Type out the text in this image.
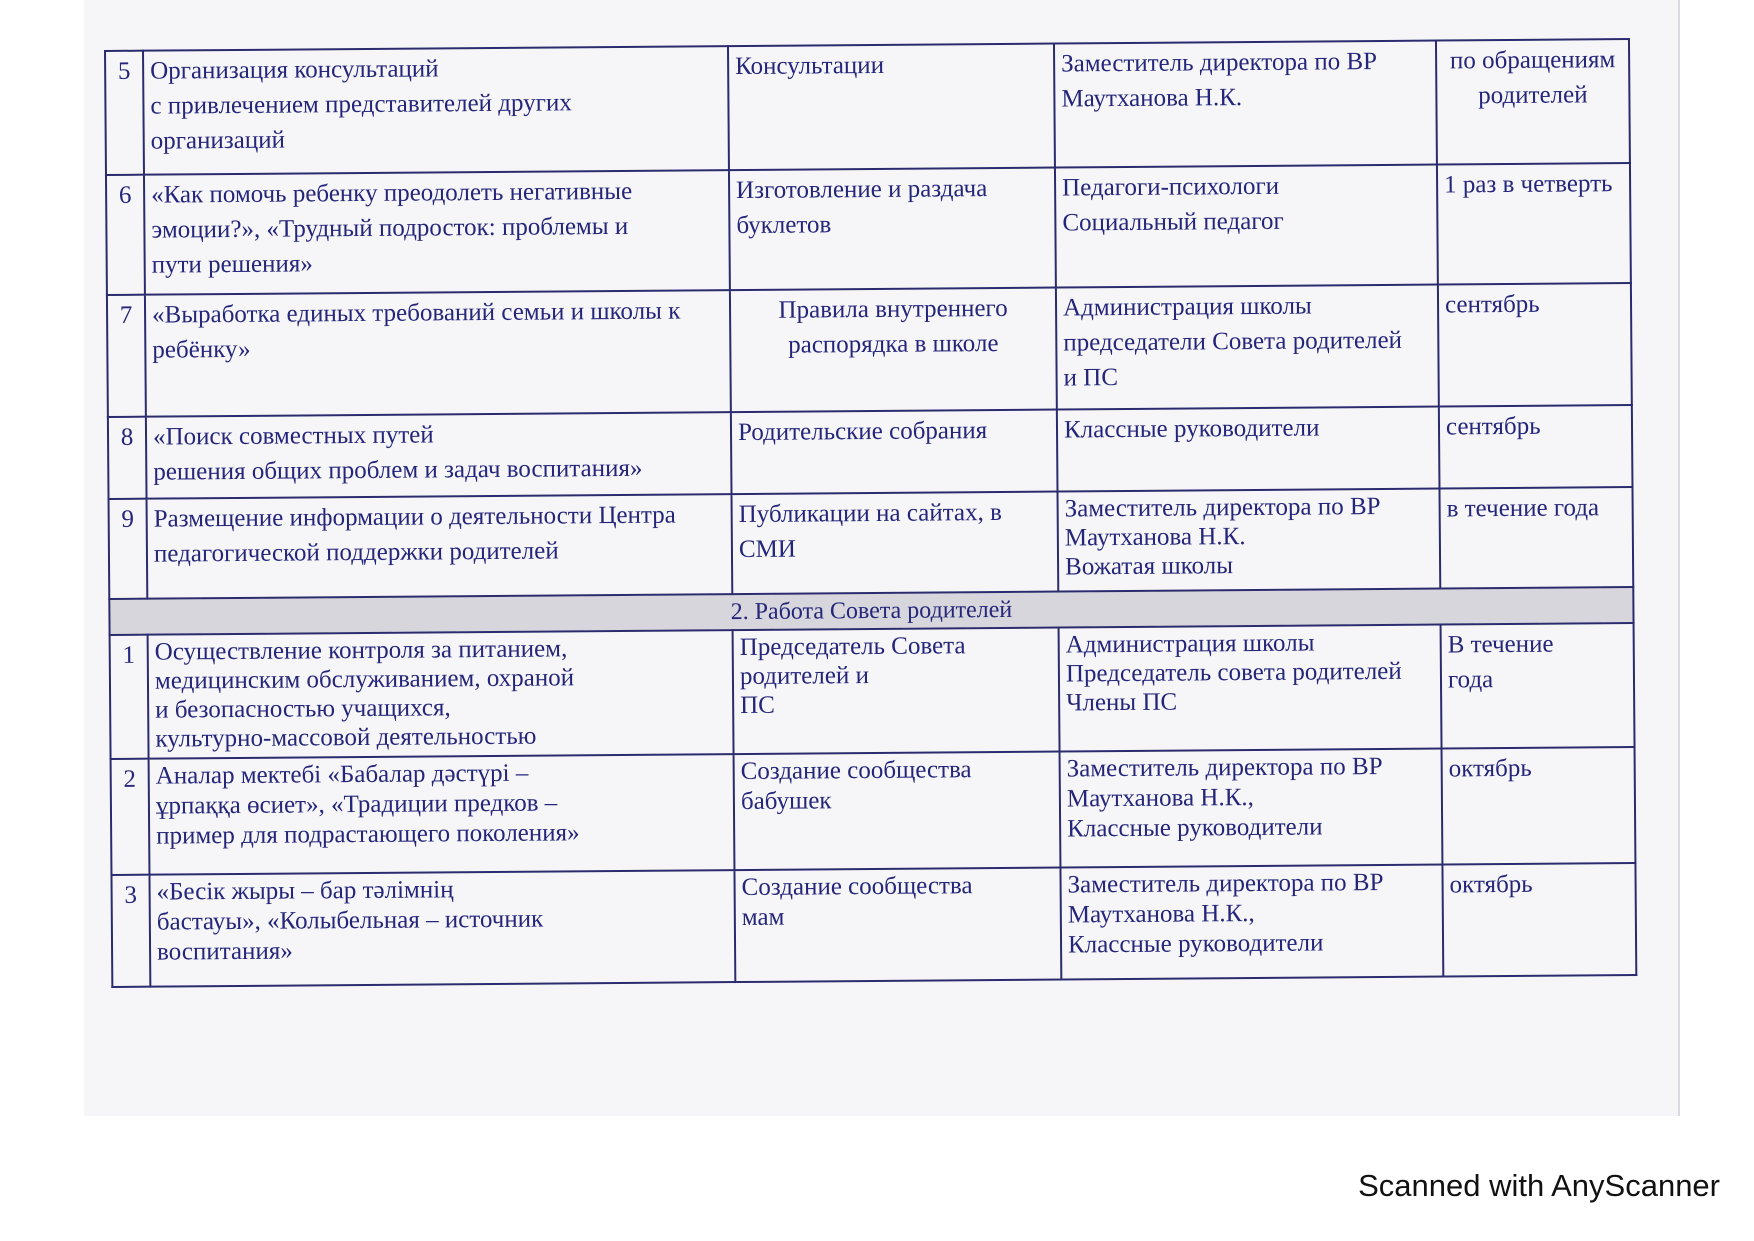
5	Организация консультаций
с привлечением представителей других
организаций	Консультации	Заместитель директора по ВР
Маутханова Н.К.	по обращениям
родителей

6	«Как помочь ребенку преодолеть негативные
эмоции?», «Трудный подросток: проблемы и
пути решения»	Изготовление и раздача
буклетов	Педагоги-психологи
Социальный педагог	1 раз в четверть

7	«Выработка единых требований семьи и школы к
ребёнку»	Правила внутреннего
распорядка в школе	Администрация школы
председатели Совета родителей
и ПС	сентябрь

8	«Поиск совместных путей
решения общих проблем и задач воспитания»	Родительские собрания	Классные руководители	сентябрь

9	Размещение информации о деятельности Центра
педагогической поддержки родителей	Публикации на сайтах, в
СМИ	Заместитель директора по ВР
Маутханова Н.К.
Вожатая школы	в течение года

2. Работа Совета родителей				
1	Осуществление контроля за питанием,
медицинским обслуживанием, охраной
и безопасностью учащихся,
культурно-массовой деятельностью	Председатель Совета
родителей и
ПС	Администрация школы
Председатель совета родителей
Члены ПС	В течение
года

2	Аналар мектебі «Бабалар дәстүрі –
ұрпаққа өсиет», «Традиции предков –
пример для подрастающего поколения»	Создание сообщества
бабушек	Заместитель директора по ВР
Маутханова Н.К.,
Классные руководители	октябрь

3	«Бесік жыры – бар тәлімнің
бастауы», «Колыбельная – источник
воспитания»	Создание сообщества
мам	Заместитель директора по ВР
Маутханова Н.К.,
Классные руководители	октябрь
Scanned with AnyScanner
